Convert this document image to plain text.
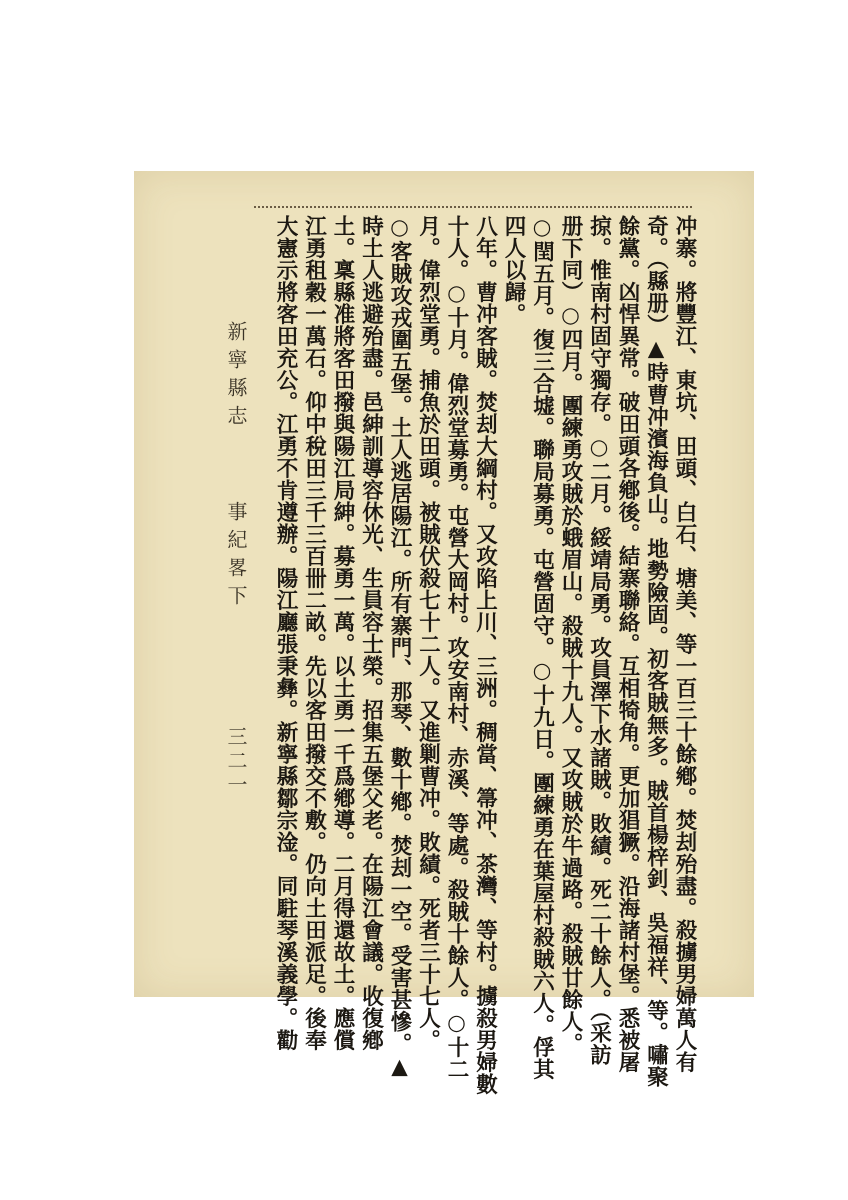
冲寨。將豐江、東坑、田頭、白石、塘美、等一百三十餘鄕。焚刦殆盡。殺擄男婦萬人有
奇。（縣册）▲時曹冲濱海負山。地勢險固。初客賊無多。賊首楊梓釗、吳福祥、等。嘯聚
餘黨。凶悍異常。破田頭各鄕後。結寨聯絡。互相犄角。更加猖獗。沿海諸村堡。悉被屠
掠。惟南村固守獨存。○二月。綏靖局勇。攻員澤下水諸賊。敗績。死二十餘人。（采訪
册下同）○四月。團練勇攻賊於蛾眉山。殺賊十九人。又攻賊於牛過路。殺賊廿餘人。
○閏五月。復三合墟。聯局募勇。屯營固守。○十九日。團練勇在葉屋村殺賊六人。俘其
四人以歸。
八年。曹冲客賊。焚刦大綱村。又攻陷上川、三洲。稠當、箒冲、茶灣、等村。擄殺男婦數
十人。○十月。偉烈堂募勇。屯營大岡村。攻安南村、赤溪、等處。殺賊十餘人。○十二
月。偉烈堂勇。捕魚於田頭。被賊伏殺七十二人。又進剿曹冲。敗績。死者三十七人。
○客賊攻戎圍五堡。土人逃居陽江。所有寨門、那琴、數十鄕。焚刦一空。受害甚慘。▲
時土人逃避殆盡。邑紳訓導容休光、生員容士榮。招集五堡父老。在陽江會議。收復鄕
土。稟縣准將客田撥與陽江局紳。募勇一萬。以土勇一千爲鄕導。二月得還故土。應償
江勇租穀一萬石。仰中稅田三千三百卌二畝。先以客田撥交不敷。仍向土田派足。後奉
大憲示將客田充公。江勇不肯遵辦。陽江廳張秉彝。新寧縣鄒宗淦。同駐琴溪義學。勸
新寧縣志
事紀畧下
三二一
